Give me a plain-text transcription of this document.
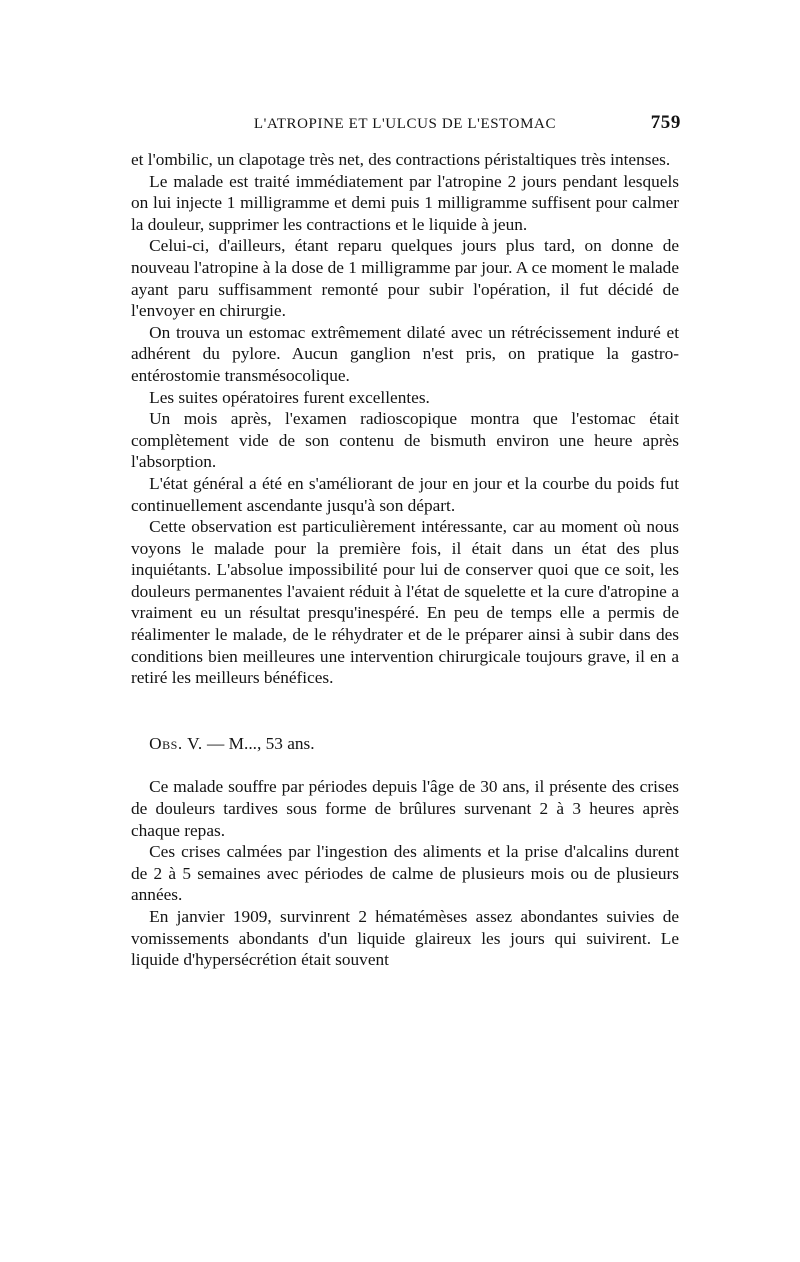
L'ATROPINE ET L'ULCUS DE L'ESTOMAC	759

et l'ombilic, un clapotage très net, des contractions péristaltiques très intenses.

Le malade est traité immédiatement par l'atropine 2 jours pendant lesquels on lui injecte 1 milligramme et demi puis 1 milligramme suffisent pour calmer la douleur, supprimer les contractions et le liquide à jeun.

Celui-ci, d'ailleurs, étant reparu quelques jours plus tard, on donne de nouveau l'atropine à la dose de 1 milligramme par jour. A ce moment le malade ayant paru suffisamment remonté pour subir l'opération, il fut décidé de l'envoyer en chirurgie.

On trouva un estomac extrêmement dilaté avec un rétrécissement induré et adhérent du pylore. Aucun ganglion n'est pris, on pratique la gastro-entérostomie transmésocolique.

Les suites opératoires furent excellentes.

Un mois après, l'examen radioscopique montra que l'estomac était complètement vide de son contenu de bismuth environ une heure après l'absorption.

L'état général a été en s'améliorant de jour en jour et la courbe du poids fut continuellement ascendante jusqu'à son départ.

Cette observation est particulièrement intéressante, car au moment où nous voyons le malade pour la première fois, il était dans un état des plus inquiétants. L'absolue impossibilité pour lui de conserver quoi que ce soit, les douleurs permanentes l'avaient réduit à l'état de squelette et la cure d'atropine a vraiment eu un résultat presqu'inespéré. En peu de temps elle a permis de réalimenter le malade, de le réhydrater et de le préparer ainsi à subir dans des conditions bien meilleures une intervention chirurgicale toujours grave, il en a retiré les meilleurs bénéfices.

Obs. V. — M..., 53 ans.

Ce malade souffre par périodes depuis l'âge de 30 ans, il présente des crises de douleurs tardives sous forme de brûlures survenant 2 à 3 heures après chaque repas.

Ces crises calmées par l'ingestion des aliments et la prise d'alcalins durent de 2 à 5 semaines avec périodes de calme de plusieurs mois ou de plusieurs années.

En janvier 1909, survinrent 2 hématémèses assez abondantes suivies de vomissements abondants d'un liquide glaireux les jours qui suivirent. Le liquide d'hypersécrétion était souvent
